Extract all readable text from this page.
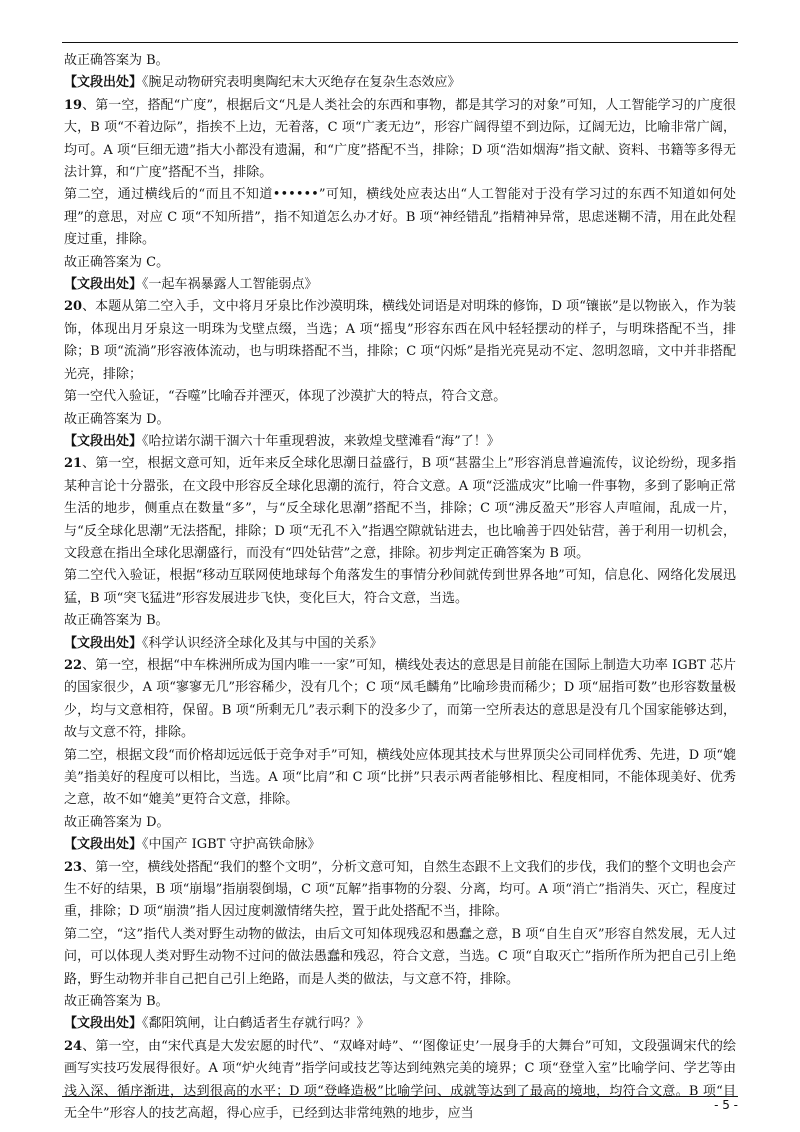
故正确答案为 B。

【文段出处】《腕足动物研究表明奥陶纪末大灭绝存在复杂生态效应》

19、第一空，搭配“广度”，根据后文“凡是人类社会的东西和事物，都是其学习的对象”可知，人工智能学习的广度很大，B 项“不着边际”，指挨不上边，无着落，C 项“广袤无边”，形容广阔得望不到边际，辽阔无边，比喻非常广阔，均可。A 项“巨细无遗”指大小都没有遗漏，和“广度”搭配不当，排除；D 项“浩如烟海”指文献、资料、书籍等多得无法计算，和“广度”搭配不当，排除。

第二空，通过横线后的“而且不知道••••••”可知，横线处应表达出“人工智能对于没有学习过的东西不知道如何处理”的意思，对应 C 项“不知所措”，指不知道怎么办才好。B 项“神经错乱”指精神异常，思虑迷糊不清，用在此处程度过重，排除。

故正确答案为 C。

【文段出处】《一起车祸暴露人工智能弱点》

20、本题从第二空入手，文中将月牙泉比作沙漠明珠，横线处词语是对明珠的修饰，D 项“镶嵌”是以物嵌入，作为装饰，体现出月牙泉这一明珠为戈壁点缀，当选；A 项“摇曳”形容东西在风中轻轻摆动的样子，与明珠搭配不当，排除；B 项“流淌”形容液体流动，也与明珠搭配不当，排除；C 项“闪烁”是指光亮晃动不定、忽明忽暗，文中并非搭配光亮，排除；

第一空代入验证，“吞噬”比喻吞并湮灭，体现了沙漠扩大的特点，符合文意。

故正确答案为 D。

【文段出处】《哈拉诺尔湖干涸六十年重现碧波，来敦煌戈壁滩看“海”了！》

21、第一空，根据文意可知，近年来反全球化思潮日益盛行，B 项“甚嚣尘上”形容消息普遍流传，议论纷纷，现多指某种言论十分嚣张，在文段中形容反全球化思潮的流行，符合文意。A 项“泛滥成灾”比喻一件事物，多到了影响正常生活的地步，侧重点在数量“多”，与“反全球化思潮”搭配不当，排除；C 项“沸反盈天”形容人声喧闹，乱成一片，与“反全球化思潮”无法搭配，排除；D 项“无孔不入”指遇空隙就钻进去，也比喻善于四处钻营，善于利用一切机会，文段意在指出全球化思潮盛行，而没有“四处钻营”之意，排除。初步判定正确答案为 B 项。

第二空代入验证，根据“移动互联网使地球每个角落发生的事情分秒间就传到世界各地”可知，信息化、网络化发展迅猛，B 项“突飞猛进”形容发展进步飞快，变化巨大，符合文意，当选。

故正确答案为 B。

【文段出处】《科学认识经济全球化及其与中国的关系》

22、第一空，根据“中车株洲所成为国内唯一一家”可知，横线处表达的意思是目前能在国际上制造大功率 IGBT 芯片的国家很少，A 项“寥寥无几”形容稀少，没有几个；C 项“凤毛麟角”比喻珍贵而稀少；D 项“屈指可数”也形容数量极少，均与文意相符，保留。B 项“所剩无几”表示剩下的没多少了，而第一空所表达的意思是没有几个国家能够达到，故与文意不符，排除。

第二空，根据文段“而价格却远远低于竞争对手”可知，横线处应体现其技术与世界顶尖公司同样优秀、先进，D 项“媲美”指美好的程度可以相比，当选。A 项“比肩”和 C 项“比拼”只表示两者能够相比、程度相同，不能体现美好、优秀之意，故不如“媲美”更符合文意，排除。

故正确答案为 D。

【文段出处】《中国产 IGBT 守护高铁命脉》

23、第一空，横线处搭配“我们的整个文明”，分析文意可知，自然生态跟不上文我们的步伐，我们的整个文明也会产生不好的结果，B 项“崩塌”指崩裂倒塌，C 项“瓦解”指事物的分裂、分离，均可。A 项“消亡”指消失、灭亡，程度过重，排除；D 项“崩溃”指人因过度刺激情绪失控，置于此处搭配不当，排除。

第二空，“这”指代人类对野生动物的做法，由后文可知体现残忍和愚蠢之意，B 项“自生自灭”形容自然发展，无人过问，可以体现人类对野生动物不过问的做法愚蠢和残忍，符合文意，当选。C 项“自取灭亡”指所作所为把自己引上绝路，野生动物并非自己把自己引上绝路，而是人类的做法，与文意不符，排除。

故正确答案为 B。

【文段出处】《鄱阳筑闸，让白鹤适者生存就行吗？》

24、第一空，由“宋代真是大发宏愿的时代”、“双峰对峙”、“‘图像证史’一展身手的大舞台”可知，文段强调宋代的绘画写实技巧发展得很好。A 项“炉火纯青”指学问或技艺等达到纯熟完美的境界；C 项“登堂入室”比喻学问、学艺等由浅入深、循序渐进，达到很高的水平；D 项“登峰造极”比喻学问、成就等达到了最高的境地，均符合文意。B 项“目无全牛”形容人的技艺高超，得心应手，已经到达非常纯熟的地步，应当

- 5 -
